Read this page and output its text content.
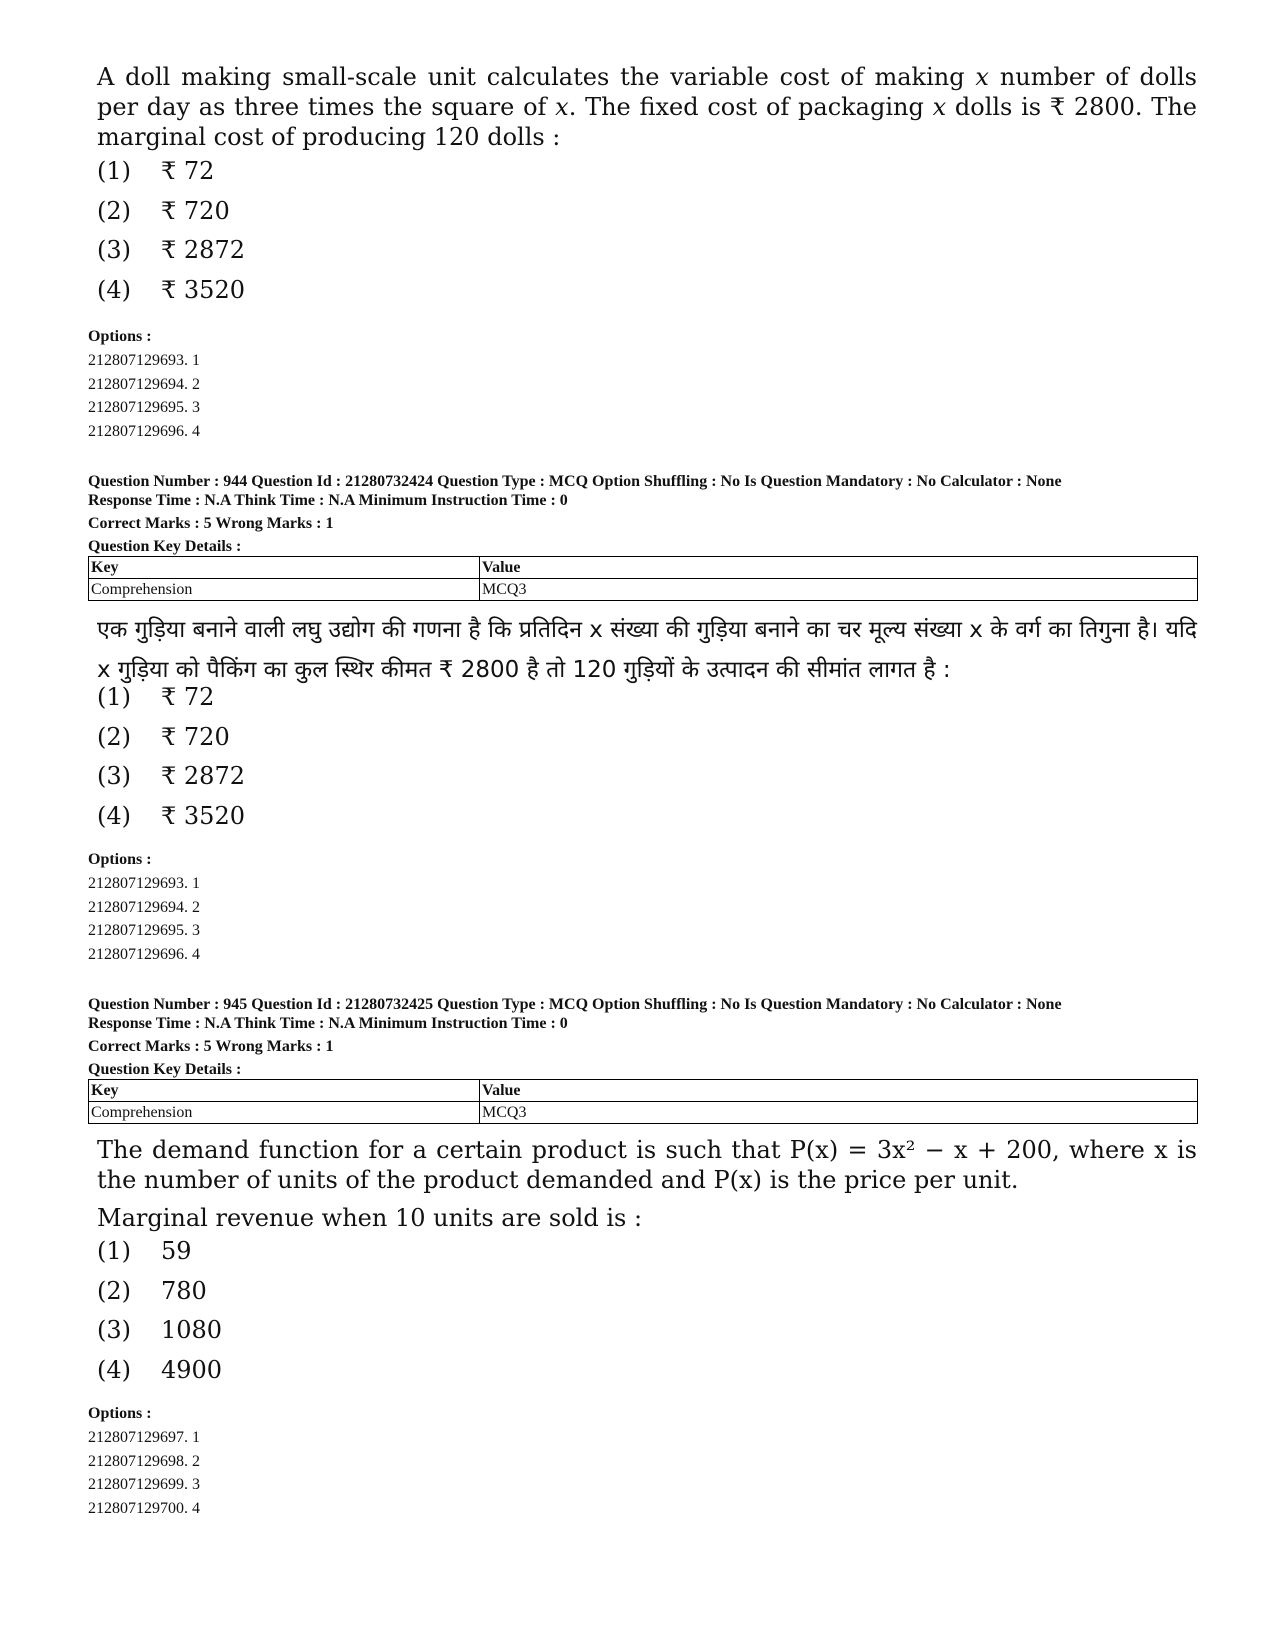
A doll making small-scale unit calculates the variable cost of making x number of dolls per day as three times the square of x. The fixed cost of packaging x dolls is ₹ 2800. The marginal cost of producing 120 dolls :

(1) ₹ 72
(2) ₹ 720
(3) ₹ 2872
(4) ₹ 3520
Options :
212807129693. 1
212807129694. 2
212807129695. 3
212807129696. 4
Question Number : 944 Question Id : 21280732424 Question Type : MCQ Option Shuffling : No Is Question Mandatory : No Calculator : None
Response Time : N.A Think Time : N.A Minimum Instruction Time : 0
Correct Marks : 5 Wrong Marks : 1
Question Key Details :
Key	Value
Comprehension	MCQ3

एक गुड़िया बनाने वाली लघु उद्योग की गणना है कि प्रतिदिन x संख्या की गुड़िया बनाने का चर मूल्य संख्या x के वर्ग का तिगुना है। यदि x गुड़िया को पैकिंग का कुल स्थिर कीमत ₹ 2800 है तो 120 गुड़ियों के उत्पादन की सीमांत लागत है :

(1) ₹ 72
(2) ₹ 720
(3) ₹ 2872
(4) ₹ 3520
Options :
212807129693. 1
212807129694. 2
212807129695. 3
212807129696. 4
Question Number : 945 Question Id : 21280732425 Question Type : MCQ Option Shuffling : No Is Question Mandatory : No Calculator : None
Response Time : N.A Think Time : N.A Minimum Instruction Time : 0
Correct Marks : 5 Wrong Marks : 1
Question Key Details :
Key	Value
Comprehension	MCQ3

The demand function for a certain product is such that P(x) = 3x² − x + 200, where x is the number of units of the product demanded and P(x) is the price per unit.

Marginal revenue when 10 units are sold is :

(1) 59
(2) 780
(3) 1080
(4) 4900
Options :
212807129697. 1
212807129698. 2
212807129699. 3
212807129700. 4
